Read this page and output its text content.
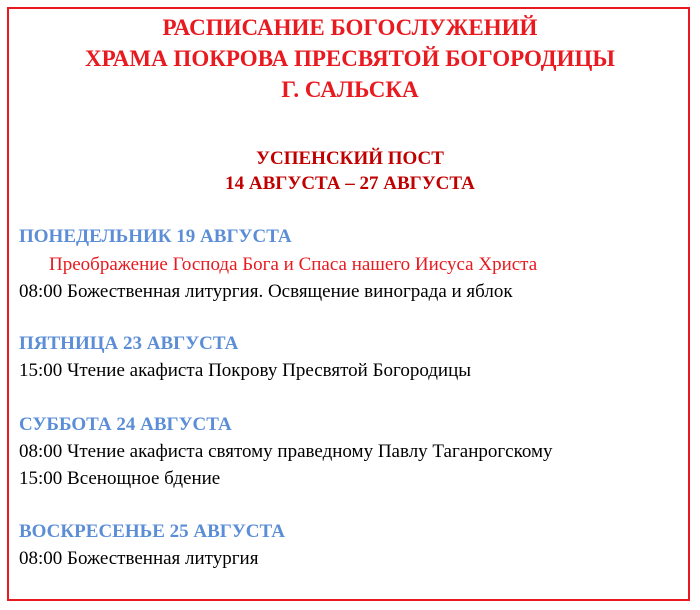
РАСПИСАНИЕ БОГОСЛУЖЕНИЙ
ХРАМА ПОКРОВА ПРЕСВЯТОЙ БОГОРОДИЦЫ
Г. САЛЬСКА
УСПЕНСКИЙ ПОСТ
14 АВГУСТА – 27 АВГУСТА
ПОНЕДЕЛЬНИК 19 АВГУСТА
Преображение Господа Бога и Спаса нашего Иисуса Христа
08:00 Божественная литургия. Освящение винограда и яблок
ПЯТНИЦА 23 АВГУСТА
15:00 Чтение акафиста Покрову Пресвятой Богородицы
СУББОТА 24 АВГУСТА
08:00 Чтение акафиста святому праведному Павлу Таганрогскому
15:00 Всенощное бдение
ВОСКРЕСЕНЬЕ 25 АВГУСТА
08:00 Божественная литургия
